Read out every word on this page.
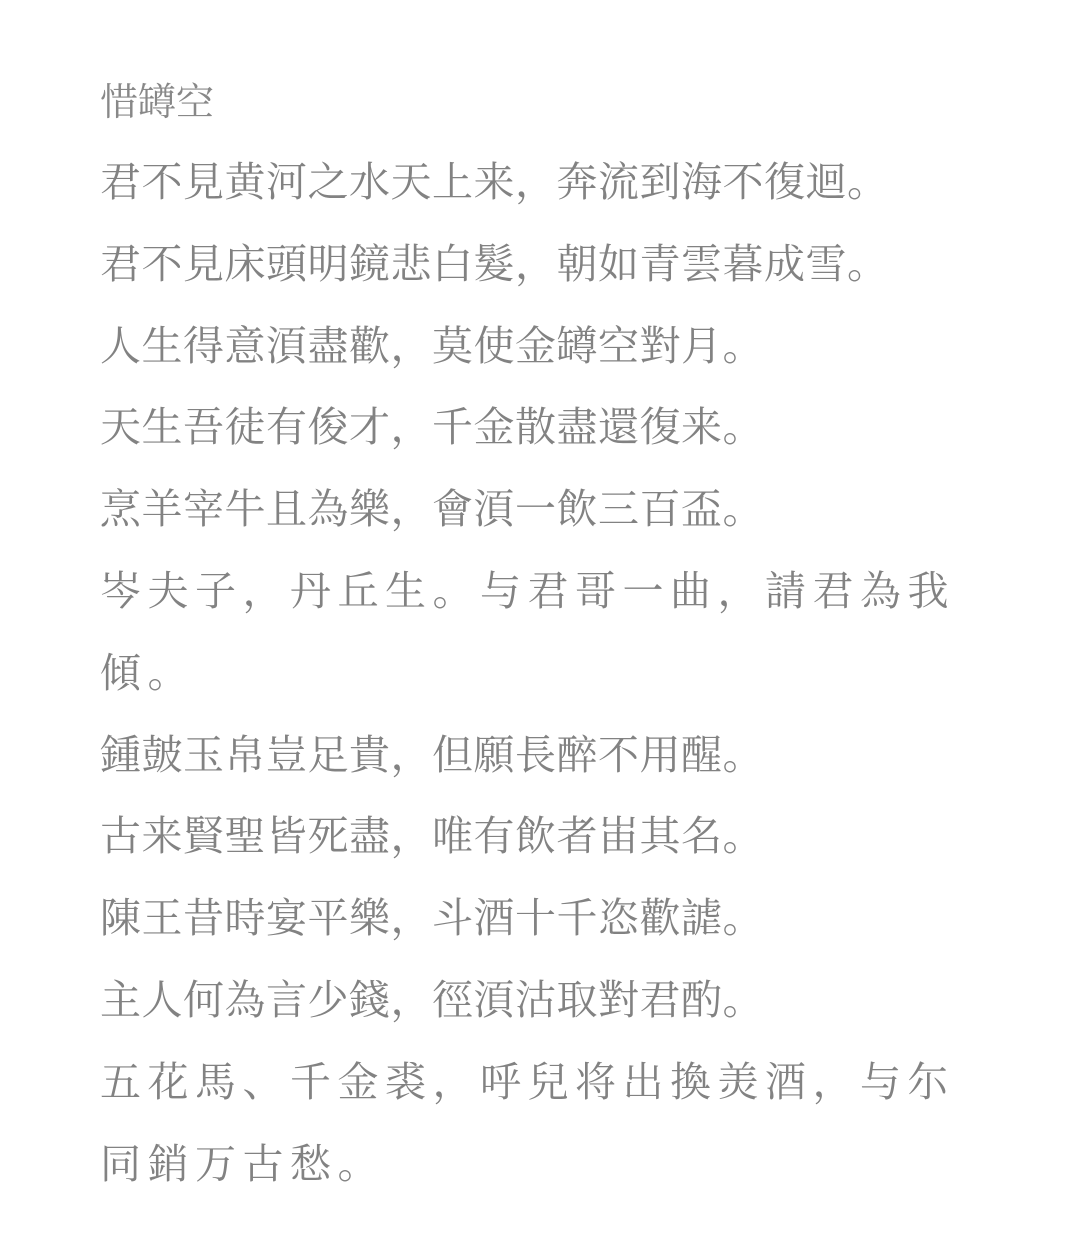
惜罇空

君不見黄河之水天上来，奔流到海不復迴。

君不見床頭明鏡悲白髮，朝如青雲暮成雪。

人生得意湏盡歡，莫使金罇空對月。

天生吾徒有俊才，千金散盡還復来。

烹羊宰牛且為樂，會湏一飲三百盃。

岑夫子，丹丘生。与君哥一曲，請君為我傾。

鍾皷玉帛豈足貴，但願長醉不用醒。

古来賢聖皆死盡，唯有飲者峀其名。

陳王昔時宴平樂，斗酒十千恣歡謔。

主人何為言少錢，徑湏沽取對君酌。

五花馬、千金裘，呼兒将出換羙酒，与尓同銷万古愁。
